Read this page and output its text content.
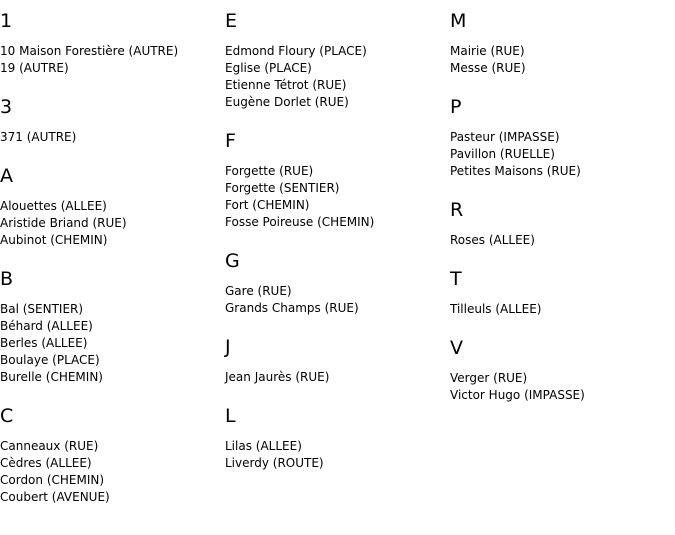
1
10 Maison Forestière (AUTRE)
19 (AUTRE)
3
371 (AUTRE)
A
Alouettes (ALLEE)
Aristide Briand (RUE)
Aubinot (CHEMIN)
B
Bal (SENTIER)
Béhard (ALLEE)
Berles (ALLEE)
Boulaye (PLACE)
Burelle (CHEMIN)
C
Canneaux (RUE)
Cèdres (ALLEE)
Cordon (CHEMIN)
Coubert (AVENUE)
E
Edmond Floury (PLACE)
Eglise (PLACE)
Etienne Tétrot (RUE)
Eugène Dorlet (RUE)
F
Forgette (RUE)
Forgette (SENTIER)
Fort (CHEMIN)
Fosse Poireuse (CHEMIN)
G
Gare (RUE)
Grands Champs (RUE)
J
Jean Jaurès (RUE)
L
Lilas (ALLEE)
Liverdy (ROUTE)
M
Mairie (RUE)
Messe (RUE)
P
Pasteur (IMPASSE)
Pavillon (RUELLE)
Petites Maisons (RUE)
R
Roses (ALLEE)
T
Tilleuls (ALLEE)
V
Verger (RUE)
Victor Hugo (IMPASSE)
